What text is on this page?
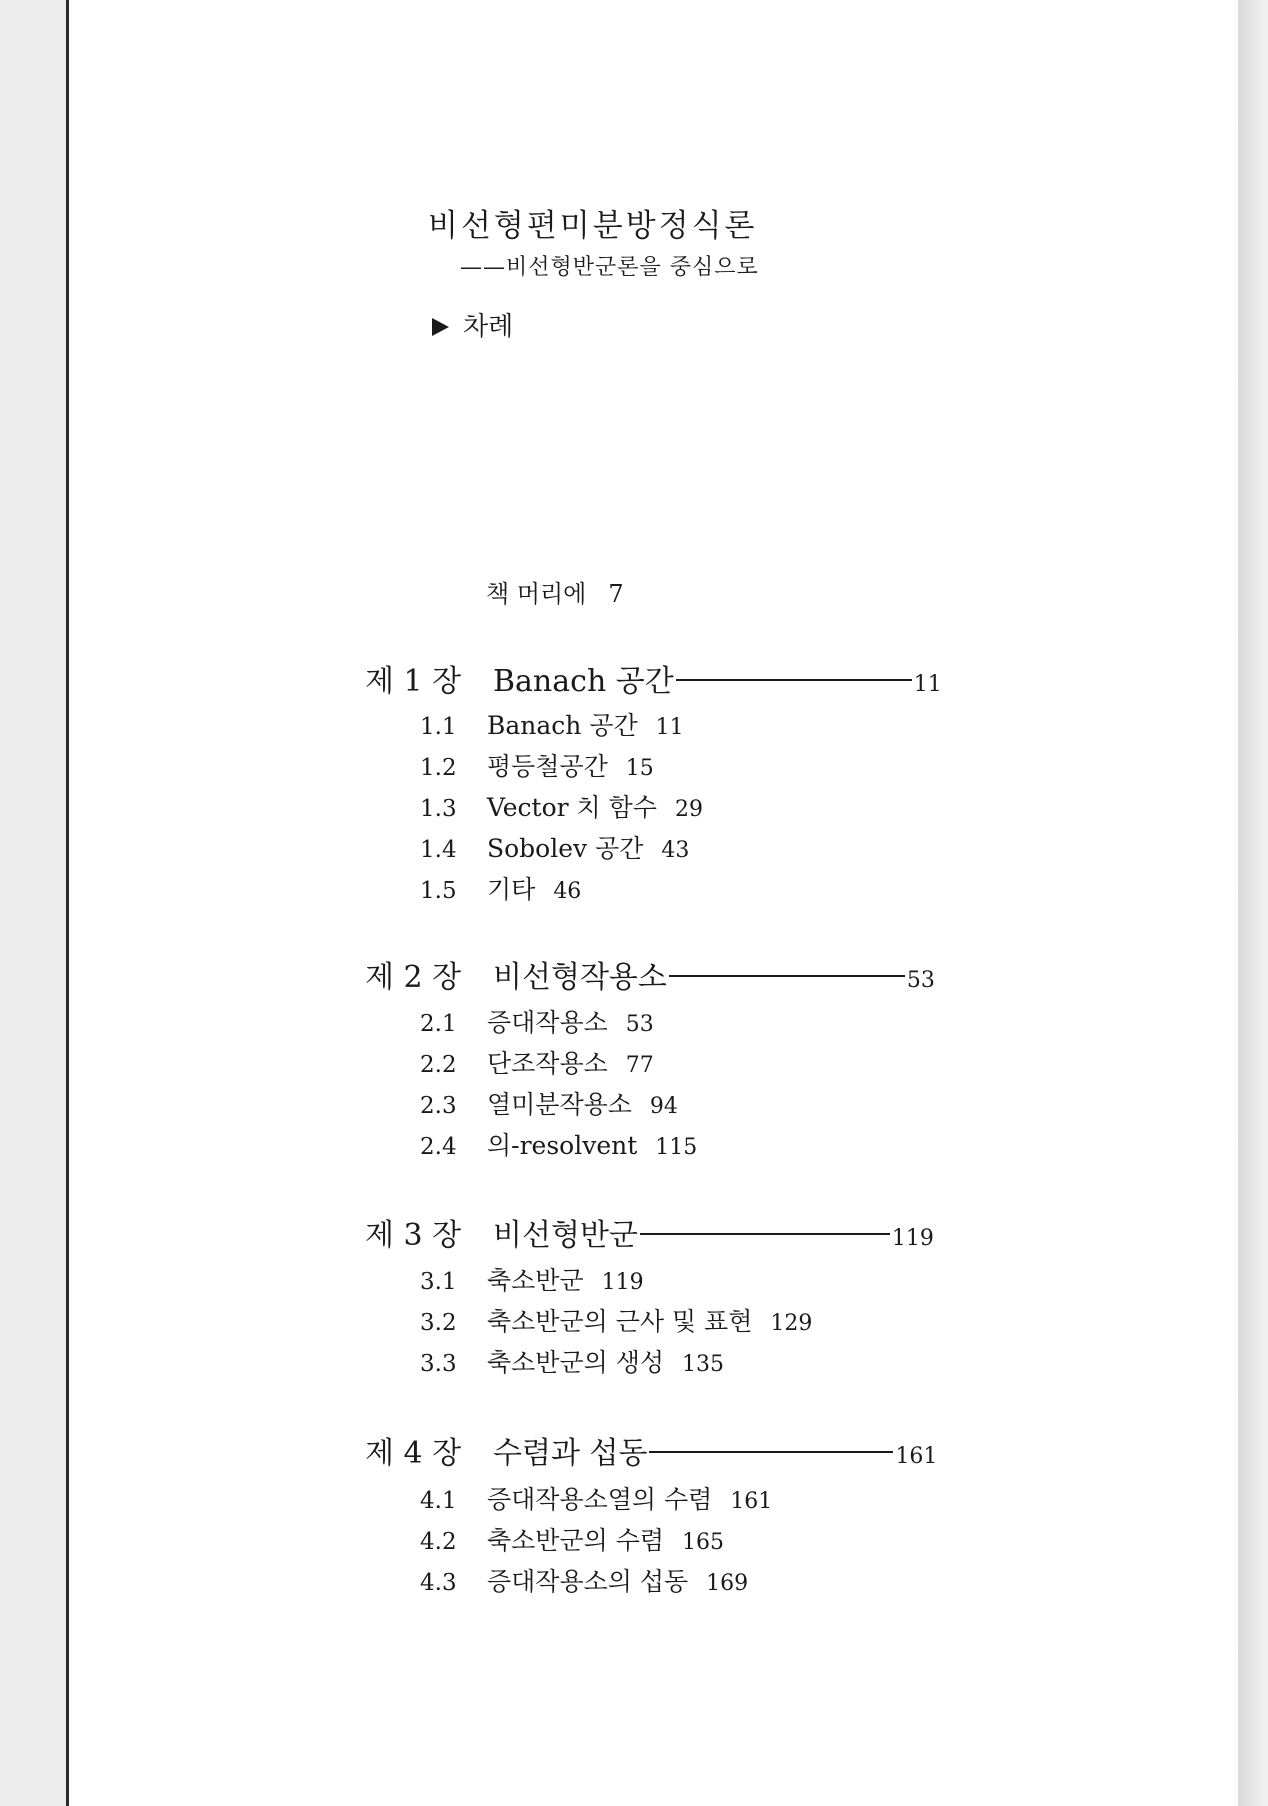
비선형편미분방정식론
——비선형반군론을 중심으로
차례
책 머리에 7
제 1 장	Banach 공간	11
1.1 Banach 공간 11
1.2 평등철공간 15
1.3 Vector 치 함수 29
1.4 Sobolev 공간 43
1.5 기타 46
제 2 장	비선형작용소	53
2.1 증대작용소 53
2.2 단조작용소 77
2.3 열미분작용소 94
2.4 의-resolvent 115
제 3 장	비선형반군	119
3.1 축소반군 119
3.2 축소반군의 근사 및 표현 129
3.3 축소반군의 생성 135
제 4 장	수렴과 섭동	161
4.1 증대작용소열의 수렴 161
4.2 축소반군의 수렴 165
4.3 증대작용소의 섭동 169
